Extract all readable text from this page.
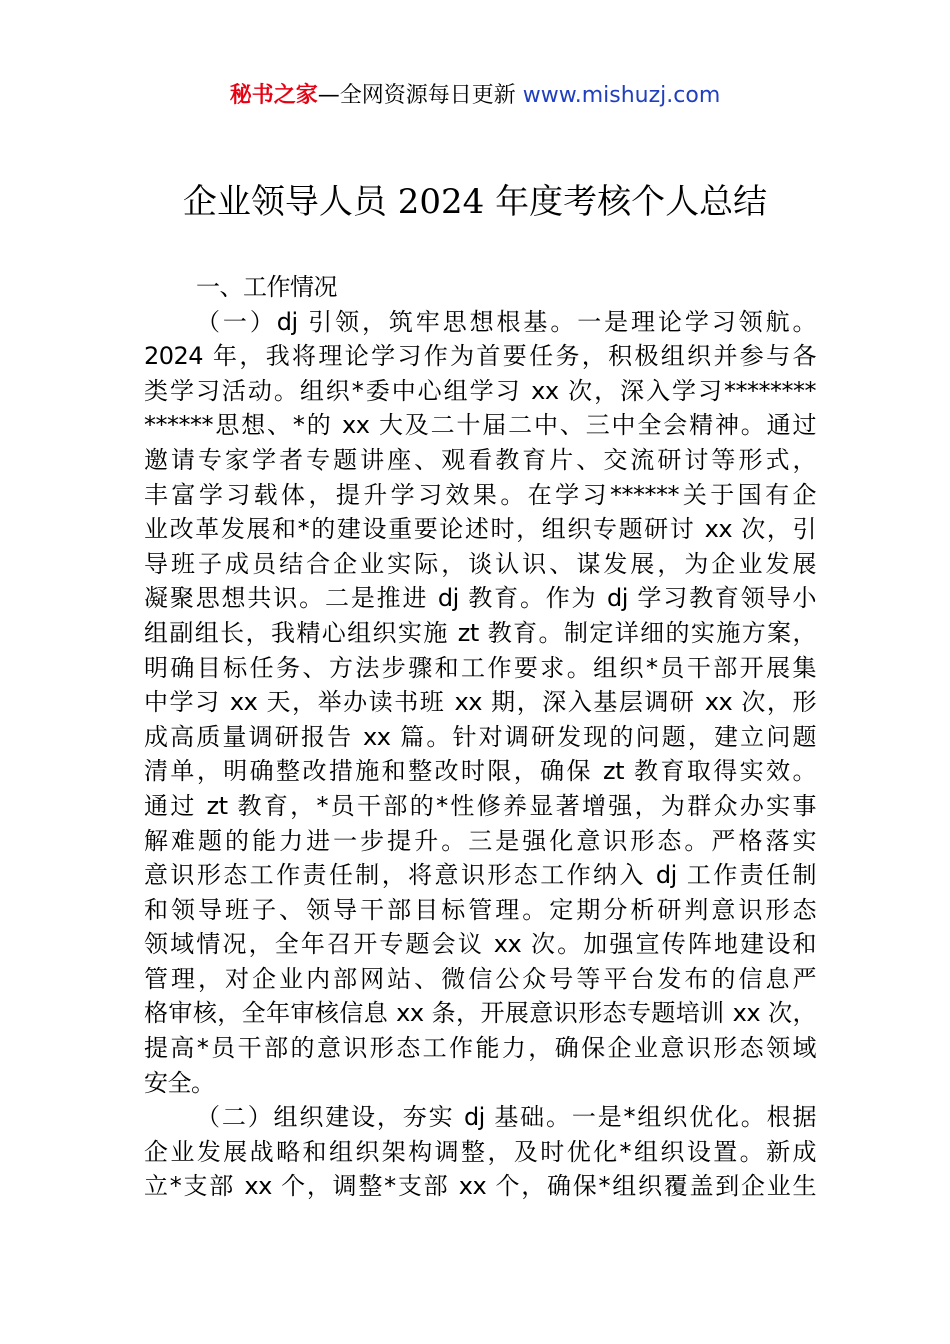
秘书之家—全网资源每日更新 www.mishuzj.com
企业领导人员 2024 年度考核个人总结
一、工作情况
（一）dj 引领，筑牢思想根基。一是理论学习领航。
2024 年，我将理论学习作为首要任务，积极组织并参与各
类学习活动。组织*委中心组学习 xx 次，深入学习********
******思想、*的 xx 大及二十届二中、三中全会精神。通过
邀请专家学者专题讲座、观看教育片、交流研讨等形式，
丰富学习载体，提升学习效果。在学习******关于国有企
业改革发展和*的建设重要论述时，组织专题研讨 xx 次，引
导班子成员结合企业实际，谈认识、谋发展，为企业发展
凝聚思想共识。二是推进 dj 教育。作为 dj 学习教育领导小
组副组长，我精心组织实施 zt 教育。制定详细的实施方案，
明确目标任务、方法步骤和工作要求。组织*员干部开展集
中学习 xx 天，举办读书班 xx 期，深入基层调研 xx 次，形
成高质量调研报告 xx 篇。针对调研发现的问题，建立问题
清单，明确整改措施和整改时限，确保 zt 教育取得实效。
通过 zt 教育，*员干部的*性修养显著增强，为群众办实事
解难题的能力进一步提升。三是强化意识形态。严格落实
意识形态工作责任制，将意识形态工作纳入 dj 工作责任制
和领导班子、领导干部目标管理。定期分析研判意识形态
领域情况，全年召开专题会议 xx 次。加强宣传阵地建设和
管理，对企业内部网站、微信公众号等平台发布的信息严
格审核，全年审核信息 xx 条，开展意识形态专题培训 xx 次，
提高*员干部的意识形态工作能力，确保企业意识形态领域
安全。
（二）组织建设，夯实 dj 基础。一是*组织优化。根据
企业发展战略和组织架构调整，及时优化*组织设置。新成
立*支部 xx 个，调整*支部 xx 个，确保*组织覆盖到企业生
